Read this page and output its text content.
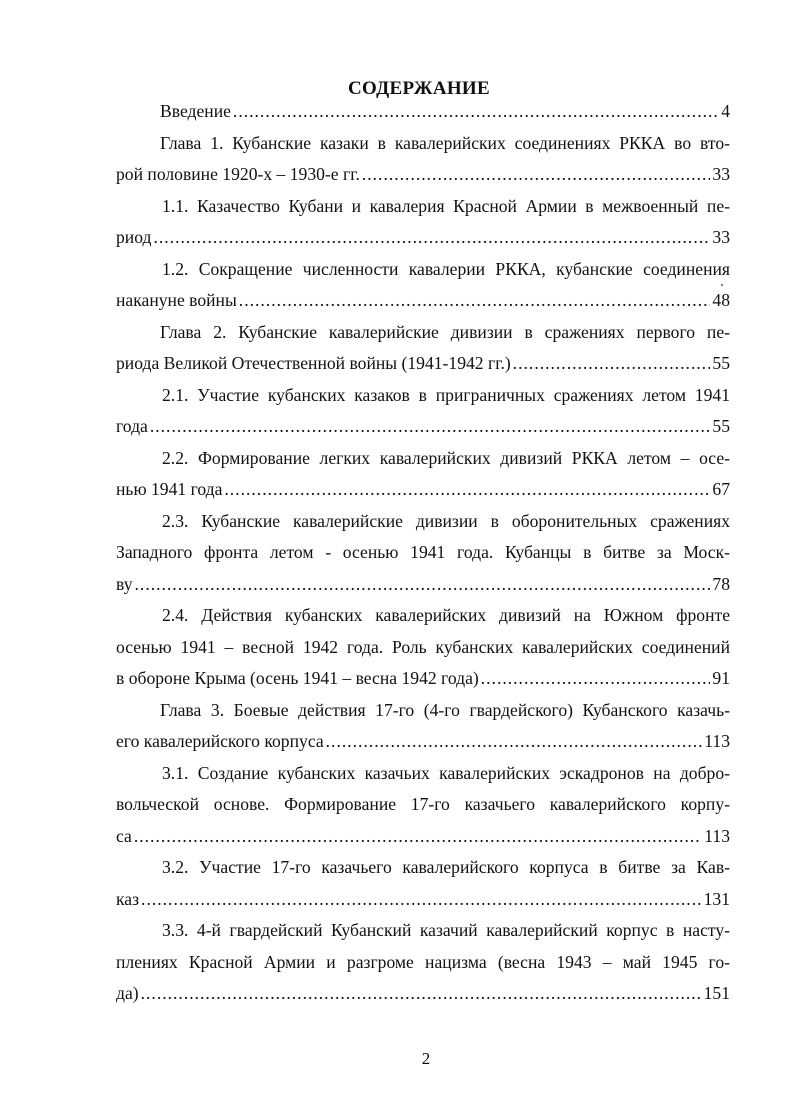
СОДЕРЖАНИЕ
Введение .....	4
Глава 1. Кубанские казаки в кавалерийских соединениях РККА во вто-
рой половине 1920-х – 1930-е гг. .....	33
1.1. Казачество Кубани и кавалерия Красной Армии в межвоенный пе-
риод .....	33
1.2. Сокращение численности кавалерии РККА, кубанские соединения
накануне войны .....	48
Глава 2. Кубанские кавалерийские дивизии в сражениях первого пе-
риода Великой Отечественной войны (1941-1942 гг.) .....	55
2.1. Участие кубанских казаков в приграничных сражениях летом 1941
года .....	55
2.2. Формирование легких кавалерийских дивизий РККА летом – осе-
нью 1941 года .....	67
2.3. Кубанские кавалерийские дивизии в оборонительных сражениях
Западного фронта летом - осенью 1941 года. Кубанцы в битве за Моск-
ву .....	78
2.4. Действия кубанских кавалерийских дивизий на Южном фронте
осенью 1941 – весной 1942 года. Роль кубанских кавалерийских соединений
в обороне Крыма (осень 1941 – весна 1942 года) .....	91
Глава 3. Боевые действия 17-го (4-го гвардейского) Кубанского казачь-
его кавалерийского корпуса .....	113
3.1. Создание кубанских казачьих кавалерийских эскадронов на добро-
вольческой основе. Формирование 17-го казачьего кавалерийского корпу-
са .....	113
3.2. Участие 17-го казачьего кавалерийского корпуса в битве за Кав-
каз .....	131
3.3. 4-й гвардейский Кубанский казачий кавалерийский корпус в насту-
плениях Красной Армии и разгроме нацизма (весна 1943 – май 1945 го-
да) .....	151
2
